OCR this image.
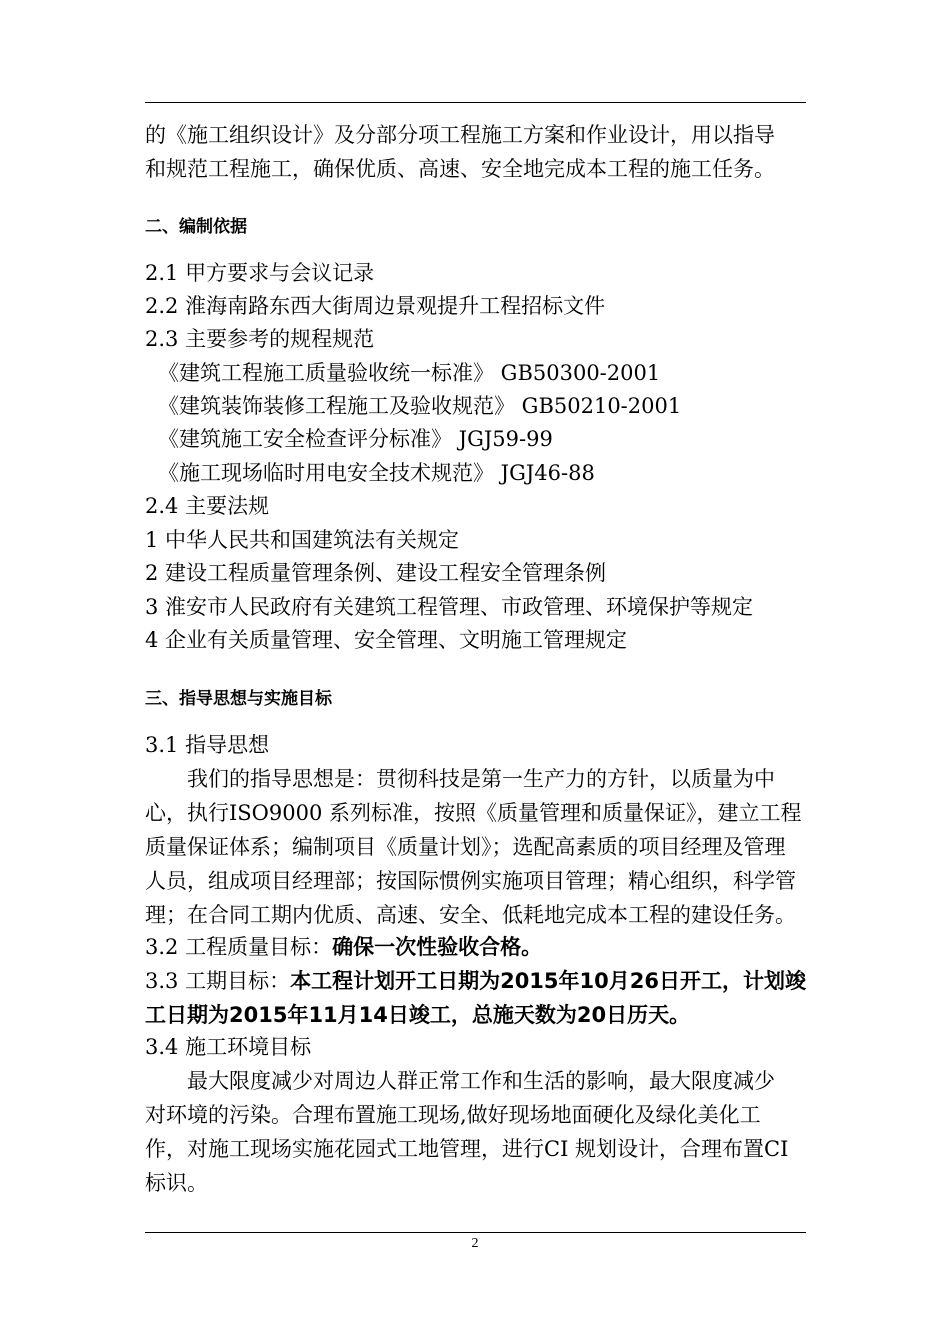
的《施工组织设计》及分部分项工程施工方案和作业设计，用以指导
和规范工程施工，确保优质、高速、安全地完成本工程的施工任务。
二、编制依据
2.1 甲方要求与会议记录
2.2 淮海南路东西大街周边景观提升工程招标文件
2.3 主要参考的规程规范
《建筑工程施工质量验收统一标准》 GB50300-2001
《建筑装饰装修工程施工及验收规范》 GB50210-2001
《建筑施工安全检查评分标准》 JGJ59-99
《施工现场临时用电安全技术规范》 JGJ46-88
2.4 主要法规
1 中华人民共和国建筑法有关规定
2 建设工程质量管理条例、建设工程安全管理条例
3 淮安市人民政府有关建筑工程管理、市政管理、环境保护等规定
4 企业有关质量管理、安全管理、文明施工管理规定
三、指导思想与实施目标
3.1 指导思想
我们的指导思想是：贯彻科技是第一生产力的方针，以质量为中
心，执行ISO9000 系列标准，按照《质量管理和质量保证》，建立工程
质量保证体系；编制项目《质量计划》；选配高素质的项目经理及管理
人员，组成项目经理部；按国际惯例实施项目管理；精心组织，科学管
理；在合同工期内优质、高速、安全、低耗地完成本工程的建设任务。
3.2 工程质量目标：确保一次性验收合格。
3.3 工期目标：本工程计划开工日期为2015年10月26日开工，计划竣
工日期为2015年11月14日竣工，总施天数为20日历天。
3.4 施工环境目标
最大限度减少对周边人群正常工作和生活的影响，最大限度减少
对环境的污染。合理布置施工现场,做好现场地面硬化及绿化美化工
作，对施工现场实施花园式工地管理，进行CI 规划设计，合理布置CI
标识。
2
